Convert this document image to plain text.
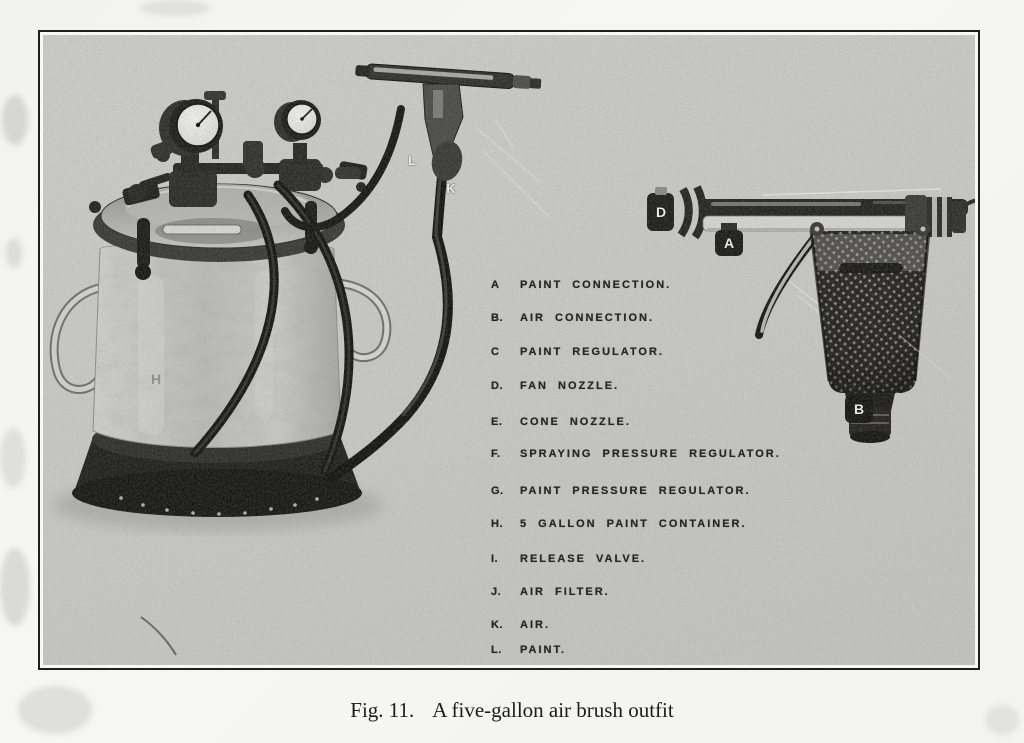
D
A
B
L
K
H
A PAINT CONNECTION.
B. AIR CONNECTION.
C PAINT REGULATOR.
D. FAN NOZZLE.
E. CONE NOZZLE.
F. SPRAYING PRESSURE REGULATOR.
G. PAINT PRESSURE REGULATOR.
H. 5 GALLON PAINT CONTAINER.
I. RELEASE VALVE.
J. AIR FILTER.
K. AIR.
L. PAINT.
Fig. 11. A five-gallon air brush outfit
